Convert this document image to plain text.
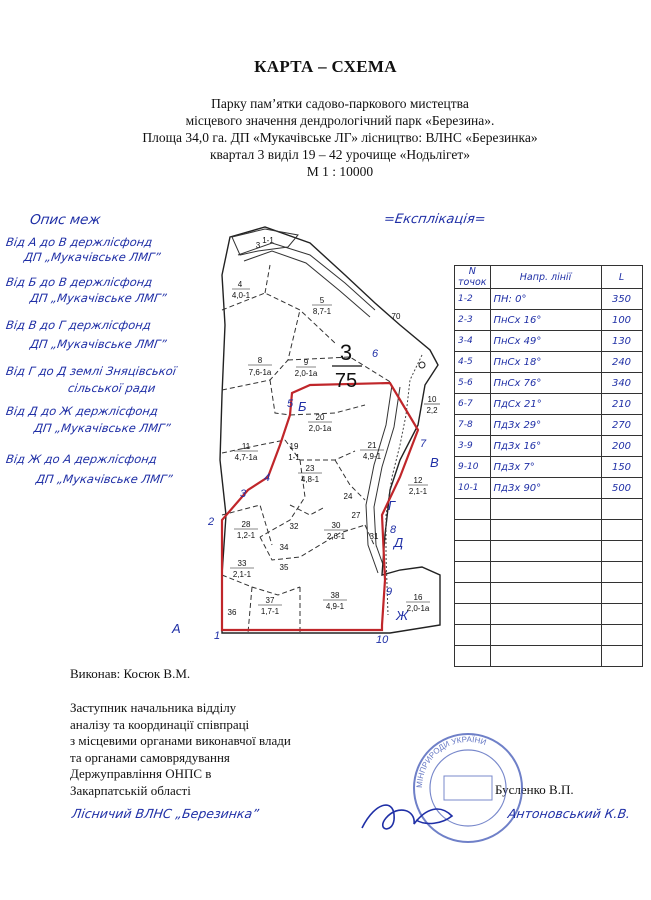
КАРТА – СХЕМА
Парку пам’ятки садово-паркового мистецтва
місцевого значення дендрологічний парк «Березина».
Площа 34,0 га. ДП «Мукачівське ЛГ» лісництво: ВЛНС «Березинка»
квартал 3 виділ 19 – 42 урочище «Нодьлігет»
М 1 : 10000
Опис меж
Від А до В держлісфонд
ДП „Мукачівське ЛМГ”
Від Б до В держлісфонд
ДП „Мукачівське ЛМГ”
Від В до Г держлісфонд
ДП „Мукачівське ЛМГ”
Від Г до Д землі Зняцівської
сільської ради
Від Д до Ж держлісфонд
ДП „Мукачівське ЛМГ”
Від Ж до А держлісфонд
ДП „Мукачівське ЛМГ”
3
75
1-1
3
4
4,0-1
5
8,7-1
70
8
7,6-1а
9
2,0-1а
10
2,2
20
2,0-1а
21
4,9-1
11
4,7-1а
19
1-1
23
4,8-1
24
12
2,1-1
28
1,2-1
27
30
2,6-1	31
32
34
33
2,1-1
35
37
1,7-1
38
4,9-1
36
16
2,0-1а
А
Б
В
Г
Д
Ж
1
2
3
4
5
6
7
8
9
10
=Експлікація=
N точок	Напр. лінії	L
1-2	ПН: 0°	350
2-3	ПнСх 16°	100
3-4	ПнСх 49°	130
4-5	ПнСх 18°	240
5-6	ПнСх 76°	340
6-7	ПдСх 21°	210
7-8	ПдЗх 29°	270
3-9	ПдЗх 16°	200
9-10	ПдЗх 7°	150
10-1	ПдЗх 90°	500

Виконав: Косюк В.М.
Заступник начальника відділу
аналізу та координації співпраці
з місцевими органами виконавчої влади
та органами самоврядування
Держуправління ОНПС в
Закарпатській області	Бусленко В.П.
МІНПРИРОДИ УКРАЇНИ
Лісничий ВЛНС „Березинка”	Антоновський К.В.
